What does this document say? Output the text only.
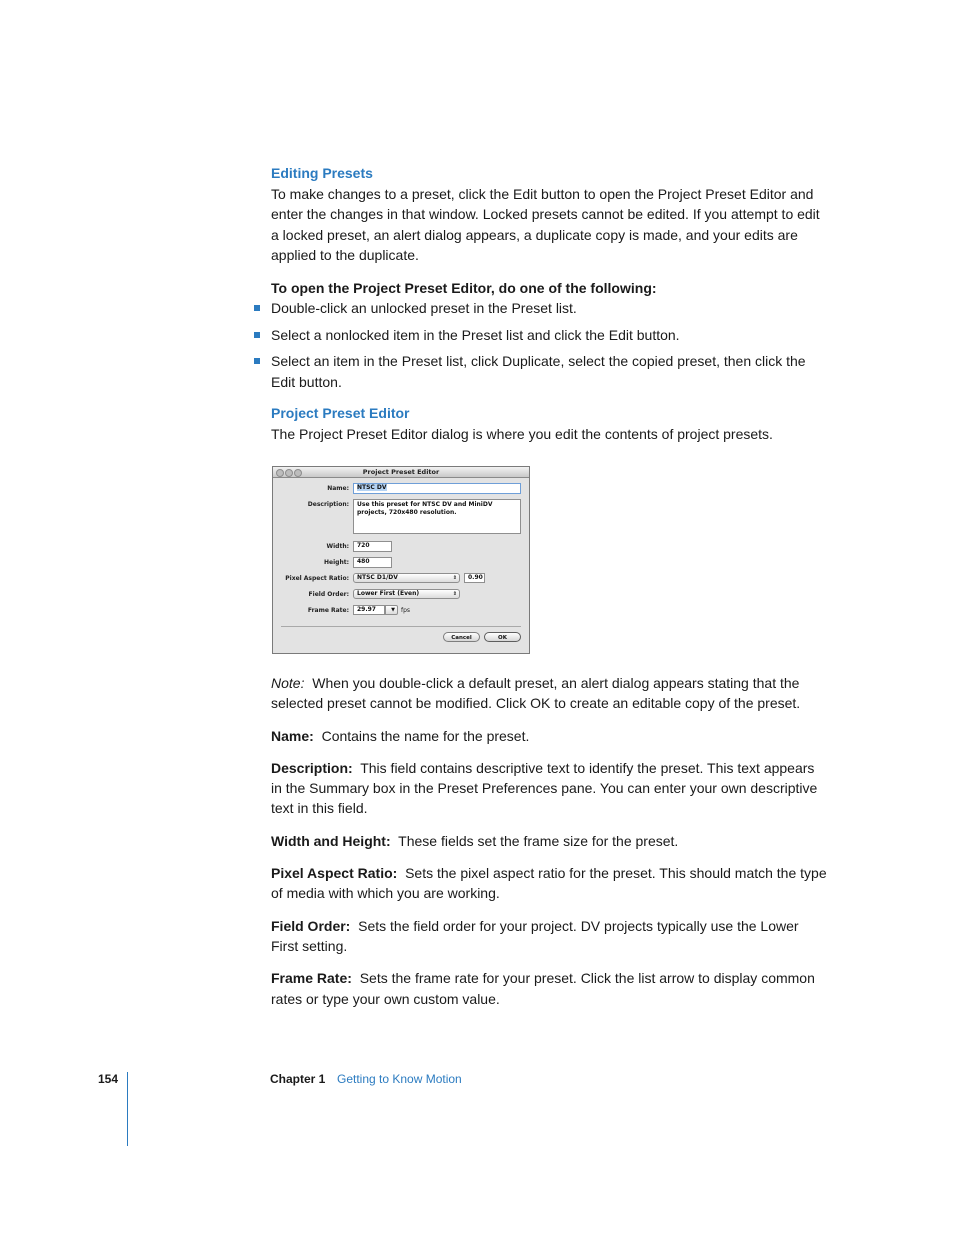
Editing Presets

To make changes to a preset, click the Edit button to open the Project Preset Editor and enter the changes in that window. Locked presets cannot be edited. If you attempt to edit a locked preset, an alert dialog appears, a duplicate copy is made, and your edits are applied to the duplicate.

To open the Project Preset Editor, do one of the following:

Double-click an unlocked preset in the Preset list.
Select a nonlocked item in the Preset list and click the Edit button.
Select an item in the Preset list, click Duplicate, select the copied preset, then click the Edit button.
Project Preset Editor

The Project Preset Editor dialog is where you edit the contents of project presets.

Project Preset Editor
Name:	NTSC DV
Description:	Use this preset for NTSC DV and MiniDV projects, 720x480 resolution.
Width:	720
Height:	480
Pixel Aspect Ratio:	NTSC D1/DV	⇕	0.90
Field Order:	Lower First (Even)	⇕
Frame Rate:	29.97	▼ fps
Cancel	OK

Note: When you double-click a default preset, an alert dialog appears stating that the selected preset cannot be modified. Click OK to create an editable copy of the preset.

Name: Contains the name for the preset.

Description: This field contains descriptive text to identify the preset. This text appears in the Summary box in the Preset Preferences pane. You can enter your own descriptive text in this field.

Width and Height: These fields set the frame size for the preset.

Pixel Aspect Ratio: Sets the pixel aspect ratio for the preset. This should match the type of media with which you are working.

Field Order: Sets the field order for your project. DV projects typically use the Lower First setting.

Frame Rate: Sets the frame rate for your preset. Click the list arrow to display common rates or type your own custom value.

154	Chapter 1 Getting to Know Motion
